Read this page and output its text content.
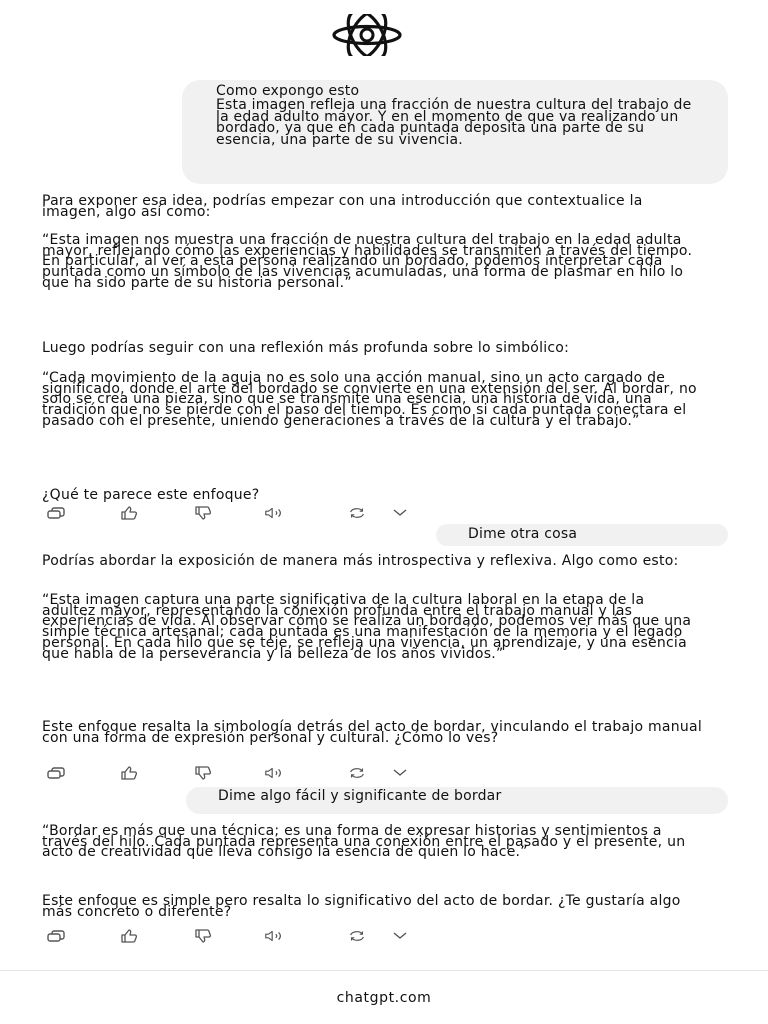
Como expongo esto
Esta imagen refleja una fracción de nuestra cultura del trabajo de la edad adulto mayor. Y en el momento de que va realizando un bordado, ya que en cada puntada deposita una parte de su esencia, una parte de su vivencia.

Para exponer esa idea, podrías empezar con una introducción que contextualice la imagen, algo así como:

“Esta imagen nos muestra una fracción de nuestra cultura del trabajo en la edad adulta mayor, reflejando cómo las experiencias y habilidades se transmiten a través del tiempo. En particular, al ver a esta persona realizando un bordado, podemos interpretar cada puntada como un símbolo de las vivencias acumuladas, una forma de plasmar en hilo lo que ha sido parte de su historia personal.”

Luego podrías seguir con una reflexión más profunda sobre lo simbólico:

“Cada movimiento de la aguja no es solo una acción manual, sino un acto cargado de significado, donde el arte del bordado se convierte en una extensión del ser. Al bordar, no solo se crea una pieza, sino que se transmite una esencia, una historia de vida, una tradición que no se pierde con el paso del tiempo. Es como si cada puntada conectara el pasado con el presente, uniendo generaciones a través de la cultura y el trabajo.”

¿Qué te parece este enfoque?

Dime otra cosa

Podrías abordar la exposición de manera más introspectiva y reflexiva. Algo como esto:

“Esta imagen captura una parte significativa de la cultura laboral en la etapa de la adultez mayor, representando la conexión profunda entre el trabajo manual y las experiencias de vida. Al observar cómo se realiza un bordado, podemos ver más que una simple técnica artesanal; cada puntada es una manifestación de la memoria y el legado personal. En cada hilo que se teje, se refleja una vivencia, un aprendizaje, y una esencia que habla de la perseverancia y la belleza de los años vividos.”

Este enfoque resalta la simbología detrás del acto de bordar, vinculando el trabajo manual con una forma de expresión personal y cultural. ¿Cómo lo ves?

Dime algo fácil y significante de bordar

“Bordar es más que una técnica; es una forma de expresar historias y sentimientos a través del hilo. Cada puntada representa una conexión entre el pasado y el presente, un acto de creatividad que lleva consigo la esencia de quien lo hace.”

Este enfoque es simple pero resalta lo significativo del acto de bordar. ¿Te gustaría algo más concreto o diferente?

chatgpt.com
